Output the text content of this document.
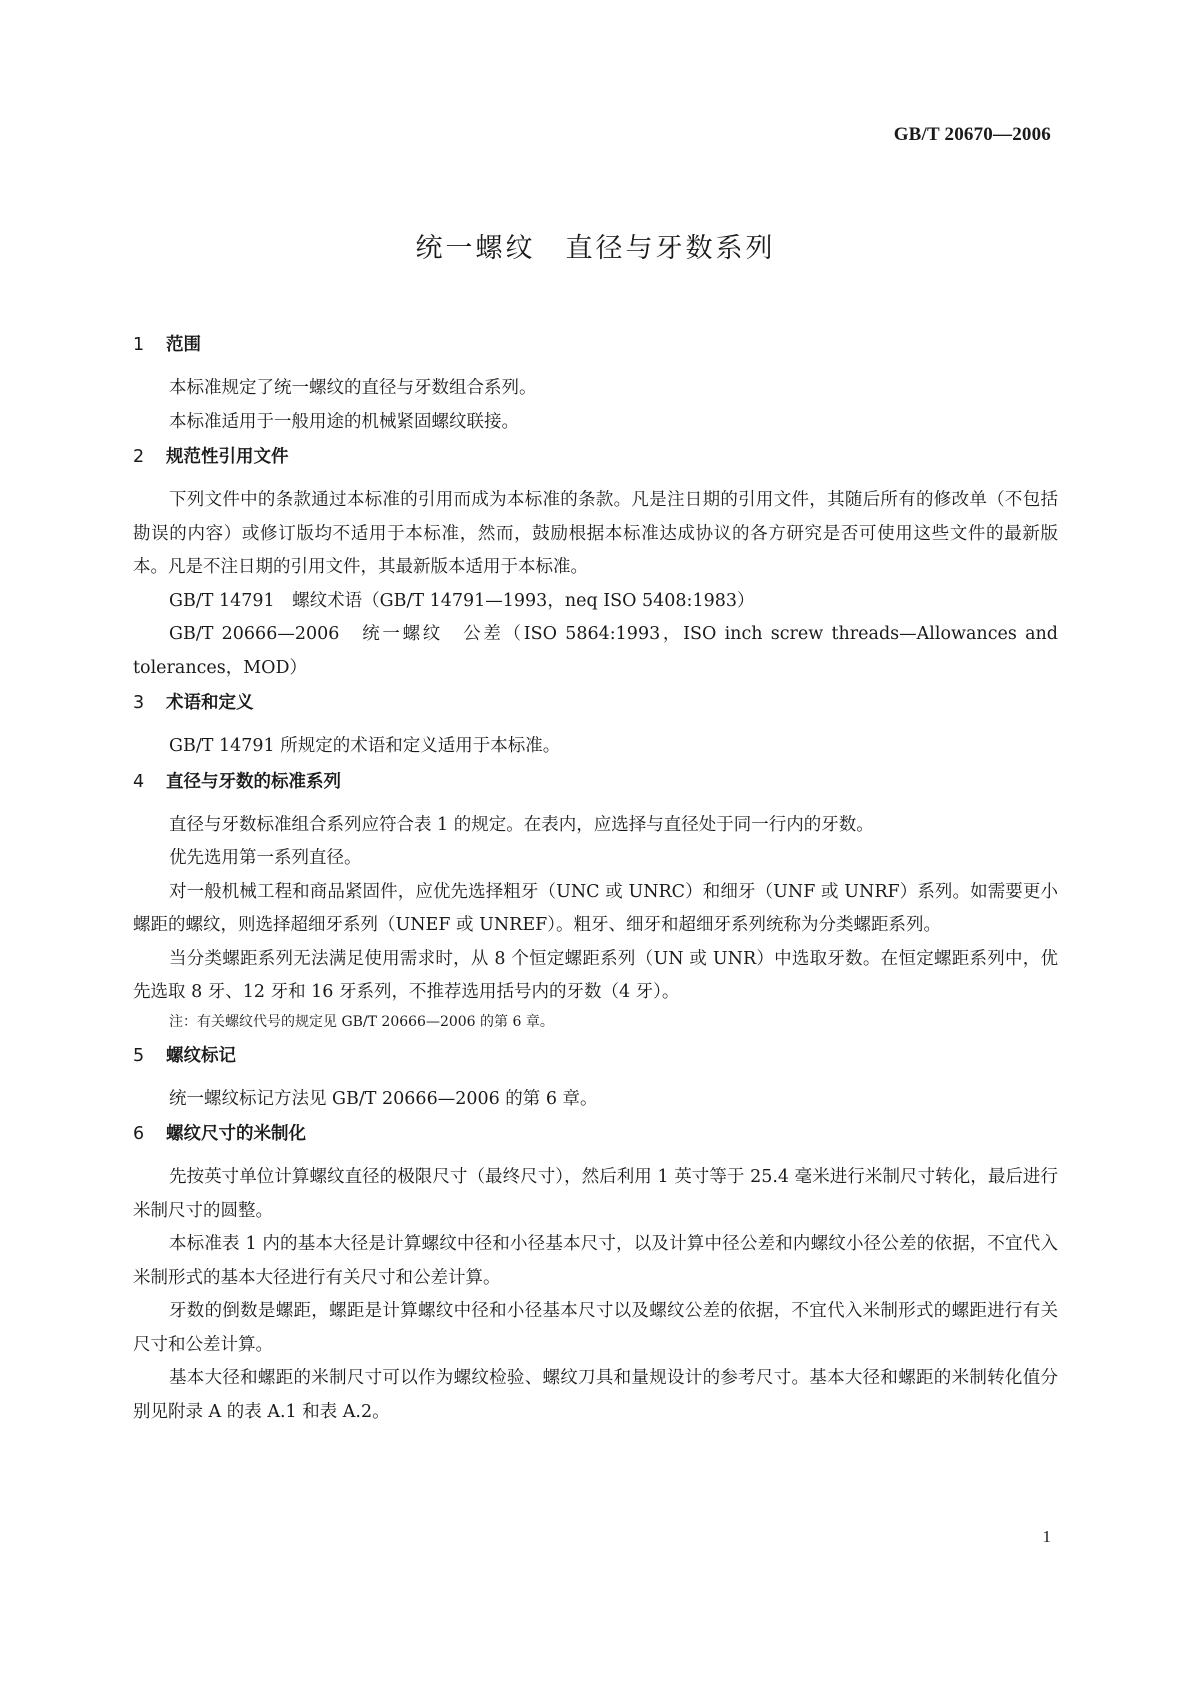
GB/T 20670—2006
统一螺纹　直径与牙数系列
1 范围

本标准规定了统一螺纹的直径与牙数组合系列。

本标准适用于一般用途的机械紧固螺纹联接。

2 规范性引用文件

下列文件中的条款通过本标准的引用而成为本标准的条款。凡是注日期的引用文件，其随后所有的修改单（不包括勘误的内容）或修订版均不适用于本标准，然而，鼓励根据本标准达成协议的各方研究是否可使用这些文件的最新版本。凡是不注日期的引用文件，其最新版本适用于本标准。

GB/T 14791　螺纹术语（GB/T 14791—1993，neq ISO 5408:1983）

GB/T 20666—2006　统一螺纹　公差（ISO 5864:1993，ISO inch screw threads—Allowances and tolerances，MOD）

3 术语和定义

GB/T 14791 所规定的术语和定义适用于本标准。

4 直径与牙数的标准系列

直径与牙数标准组合系列应符合表 1 的规定。在表内，应选择与直径处于同一行内的牙数。

优先选用第一系列直径。

对一般机械工程和商品紧固件，应优先选择粗牙（UNC 或 UNRC）和细牙（UNF 或 UNRF）系列。如需要更小螺距的螺纹，则选择超细牙系列（UNEF 或 UNREF）。粗牙、细牙和超细牙系列统称为分类螺距系列。

当分类螺距系列无法满足使用需求时，从 8 个恒定螺距系列（UN 或 UNR）中选取牙数。在恒定螺距系列中，优先选取 8 牙、12 牙和 16 牙系列，不推荐选用括号内的牙数（4 牙）。

注：有关螺纹代号的规定见 GB/T 20666—2006 的第 6 章。
5 螺纹标记

统一螺纹标记方法见 GB/T 20666—2006 的第 6 章。

6 螺纹尺寸的米制化

先按英寸单位计算螺纹直径的极限尺寸（最终尺寸），然后利用 1 英寸等于 25.4 毫米进行米制尺寸转化，最后进行米制尺寸的圆整。

本标准表 1 内的基本大径是计算螺纹中径和小径基本尺寸，以及计算中径公差和内螺纹小径公差的依据，不宜代入米制形式的基本大径进行有关尺寸和公差计算。

牙数的倒数是螺距，螺距是计算螺纹中径和小径基本尺寸以及螺纹公差的依据，不宜代入米制形式的螺距进行有关尺寸和公差计算。

基本大径和螺距的米制尺寸可以作为螺纹检验、螺纹刀具和量规设计的参考尺寸。基本大径和螺距的米制转化值分别见附录 A 的表 A.1 和表 A.2。

1
